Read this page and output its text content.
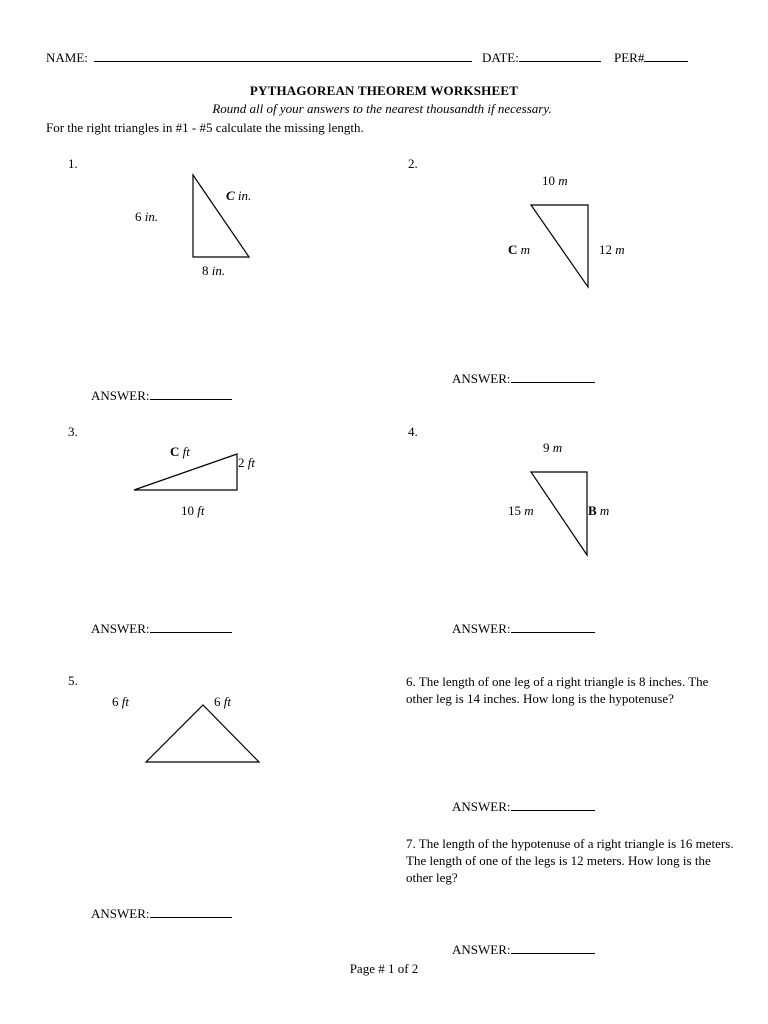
NAME:	DATE:	PER#
PYTHAGOREAN THEOREM WORKSHEET
Round all of your answers to the nearest thousandth if necessary.
For the right triangles in #1 - #5 calculate the missing length.
1.
6 in.
C in.
8 in.
ANSWER:
2.
10 m
C m	12 m
ANSWER:
3.
C ft
2 ft
10 ft
ANSWER:
4.
9 m
15 m	B m
ANSWER:
5.
6 ft	6 ft
ANSWER:
6. The length of one leg of a right triangle is 8 inches. The other leg is 14 inches. How long is the hypotenuse?
ANSWER:
7. The length of the hypotenuse of a right triangle is 16 meters. The length of one of the legs is 12 meters. How long is the other leg?
ANSWER:
Page # 1 of 2
